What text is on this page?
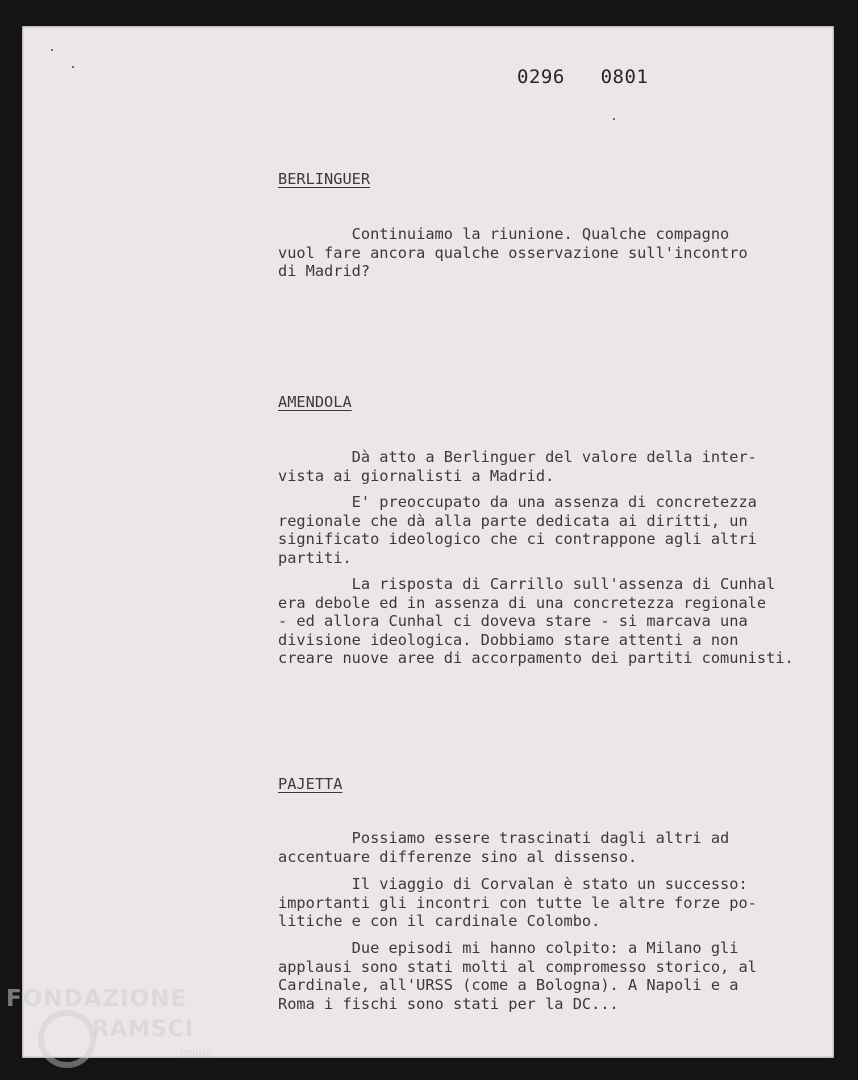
0296   0801
BERLINGUER
Continuiamo la riunione. Qualche compagno
vuol fare ancora qualche osservazione sull'incontro
di Madrid?
AMENDOLA
Dà atto a Berlinguer del valore della inter-
vista ai giornalisti a Madrid.
E' preoccupato da una assenza di concretezza
regionale che dà alla parte dedicata ai diritti, un
significato ideologico che ci contrappone agli altri
partiti.
La risposta di Carrillo sull'assenza di Cunhal
era debole ed in assenza di una concretezza regionale
- ed allora Cunhal ci doveva stare - si marcava una
divisione ideologica. Dobbiamo stare attenti a non
creare nuove aree di accorpamento dei partiti comunisti.
PAJETTA
Possiamo essere trascinati dagli altri ad
accentuare differenze sino al dissenso.
Il viaggio di Corvalan è stato un successo:
importanti gli incontri con tutte le altre forze po-
litiche e con il cardinale Colombo.
Due episodi mi hanno colpito: a Milano gli
applausi sono stati molti al compromesso storico, al
Cardinale, all'URSS (come a Bologna). A Napoli e a
Roma i fischi sono stati per la DC...
FONDAZIONE
RAMSCI
onlus
